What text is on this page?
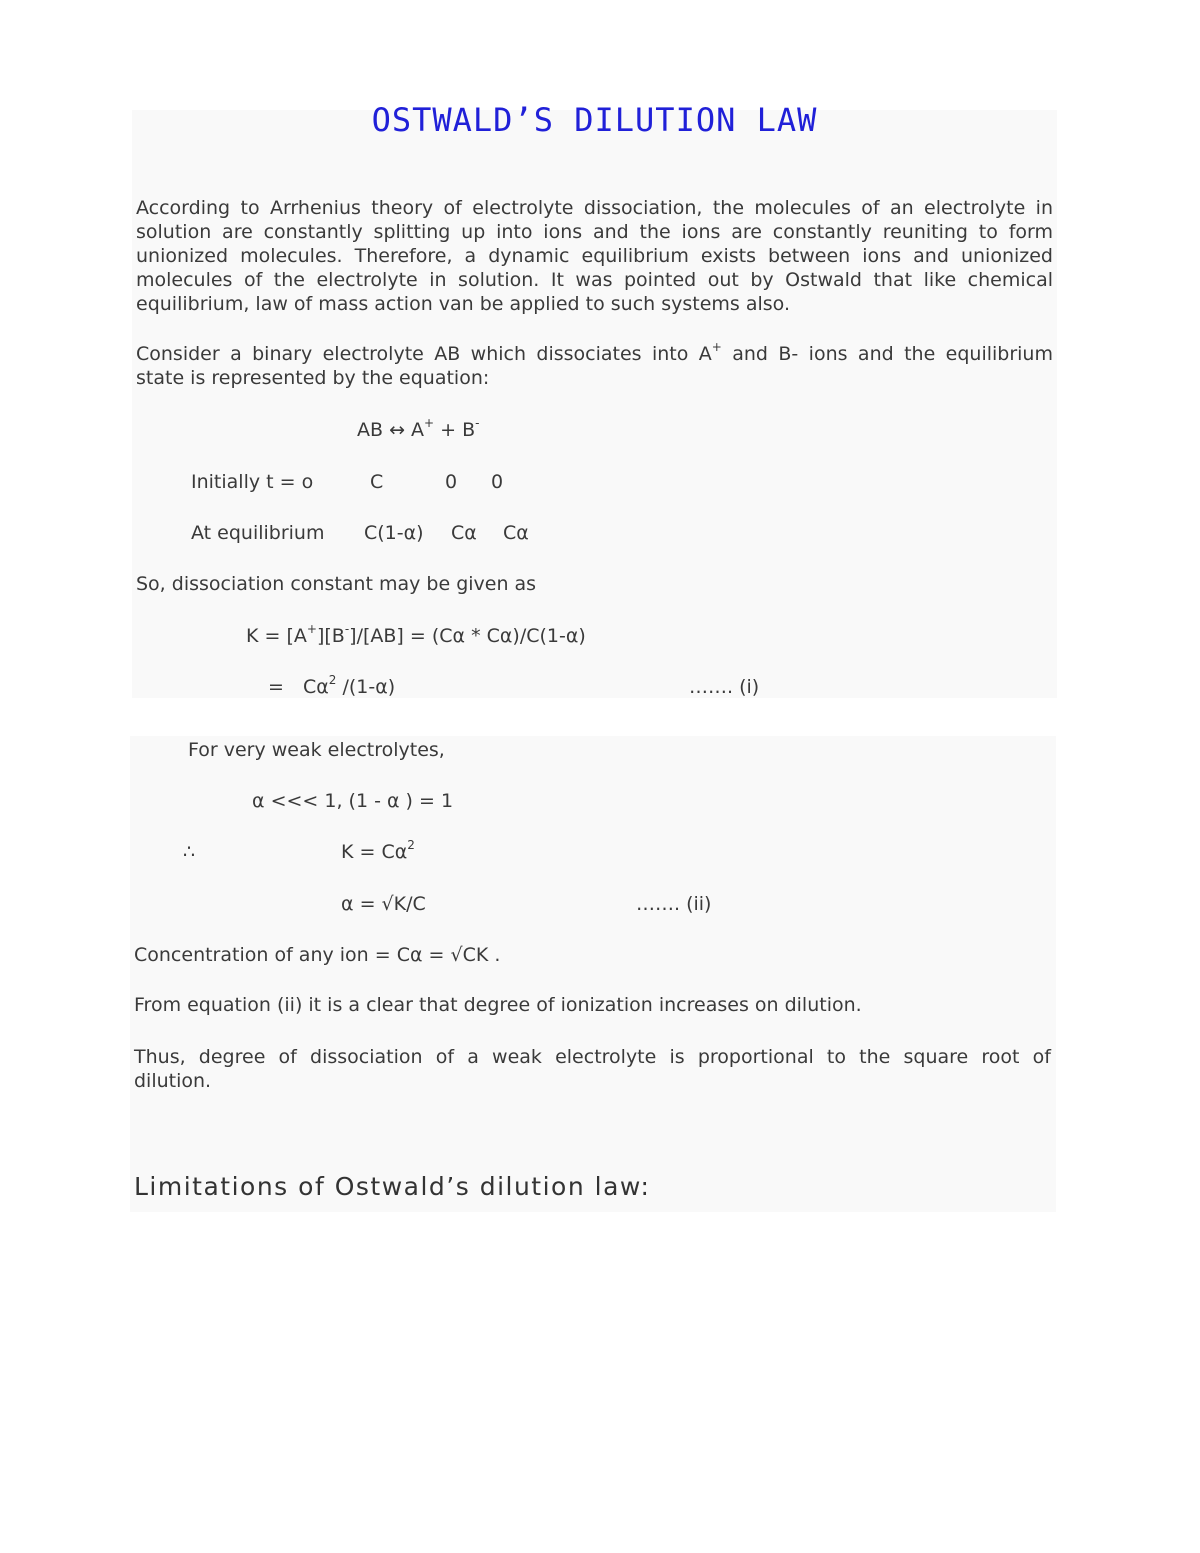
OSTWALD’S DILUTION LAW
According to Arrhenius theory of electrolyte dissociation, the molecules of an electrolyte in
solution are constantly splitting up into ions and the ions are constantly reuniting to form
unionized molecules. Therefore, a dynamic equilibrium exists between ions and unionized
molecules of the electrolyte in solution. It was pointed out by Ostwald that like chemical
equilibrium, law of mass action van be applied to such systems also.
Consider a binary electrolyte AB which dissociates into A+ and B- ions and the equilibrium
state is represented by the equation:
AB ↔ A+ + B-
Initially t = o	C	0 0
At equilibrium C(1-α) Cα Cα
So, dissociation constant may be given as
K = [A+][B-]/[AB] = (Cα * Cα)/C(1-α)
= $C\alpha^2$ /(1-α)	……. (i)
For very weak electrolytes,
α <<< 1, (1 - α ) = 1
∴	$K = C\alpha^2$
α = √K/C	……. (ii)
Concentration of any ion = Cα = √CK .
From equation (ii) it is a clear that degree of ionization increases on dilution.
Thus, degree of dissociation of a weak electrolyte is proportional to the square root of
dilution.
Limitations of Ostwald’s dilution law:
